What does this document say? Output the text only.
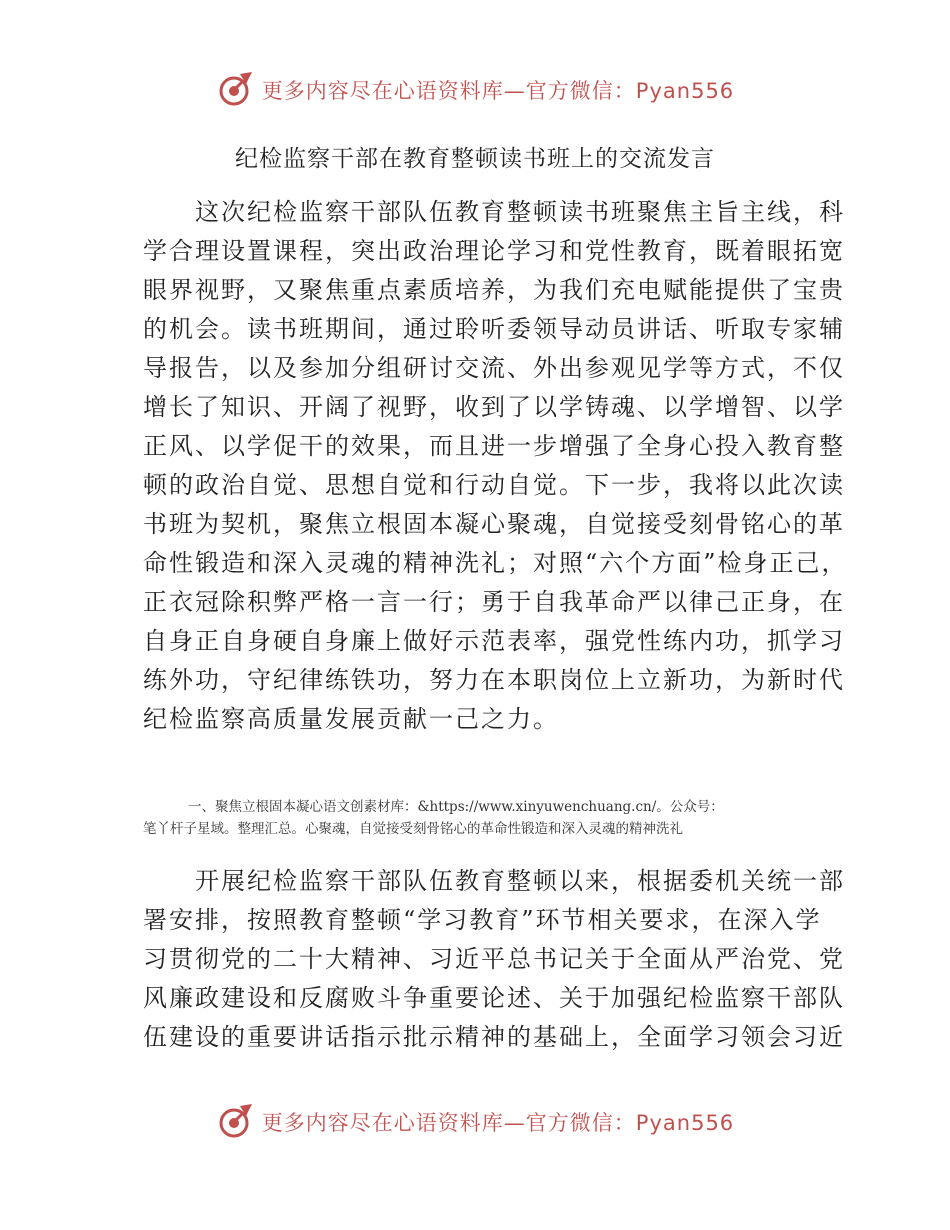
更多内容尽在心语资料库—官方微信：Pyan556
纪检监察干部在教育整顿读书班上的交流发言
　　这次纪检监察干部队伍教育整顿读书班聚焦主旨主线，科
学合理设置课程，突出政治理论学习和党性教育，既着眼拓宽
眼界视野，又聚焦重点素质培养，为我们充电赋能提供了宝贵
的机会。读书班期间，通过聆听委领导动员讲话、听取专家辅
导报告，以及参加分组研讨交流、外出参观见学等方式，不仅
增长了知识、开阔了视野，收到了以学铸魂、以学增智、以学
正风、以学促干的效果，而且进一步增强了全身心投入教育整
顿的政治自觉、思想自觉和行动自觉。下一步，我将以此次读
书班为契机，聚焦立根固本凝心聚魂，自觉接受刻骨铭心的革
命性锻造和深入灵魂的精神洗礼；对照“六个方面”检身正己，
正衣冠除积弊严格一言一行；勇于自我革命严以律己正身，在
自身正自身硬自身廉上做好示范表率，强党性练内功，抓学习
练外功，守纪律练铁功，努力在本职岗位上立新功，为新时代
纪检监察高质量发展贡献一己之力。
一、聚焦立根固本凝心语文创素材库：&https://www.xinyuwenchuang.cn/。公众号：
笔丫杆子星域。整理汇总。心聚魂，自觉接受刻骨铭心的革命性锻造和深入灵魂的精神洗礼
　　开展纪检监察干部队伍教育整顿以来，根据委机关统一部
署安排，按照教育整顿“学习教育”环节相关要求，在深入学
习贯彻党的二十大精神、习近平总书记关于全面从严治党、党
风廉政建设和反腐败斗争重要论述、关于加强纪检监察干部队
伍建设的重要讲话指示批示精神的基础上，全面学习领会习近
更多内容尽在心语资料库—官方微信：Pyan556
